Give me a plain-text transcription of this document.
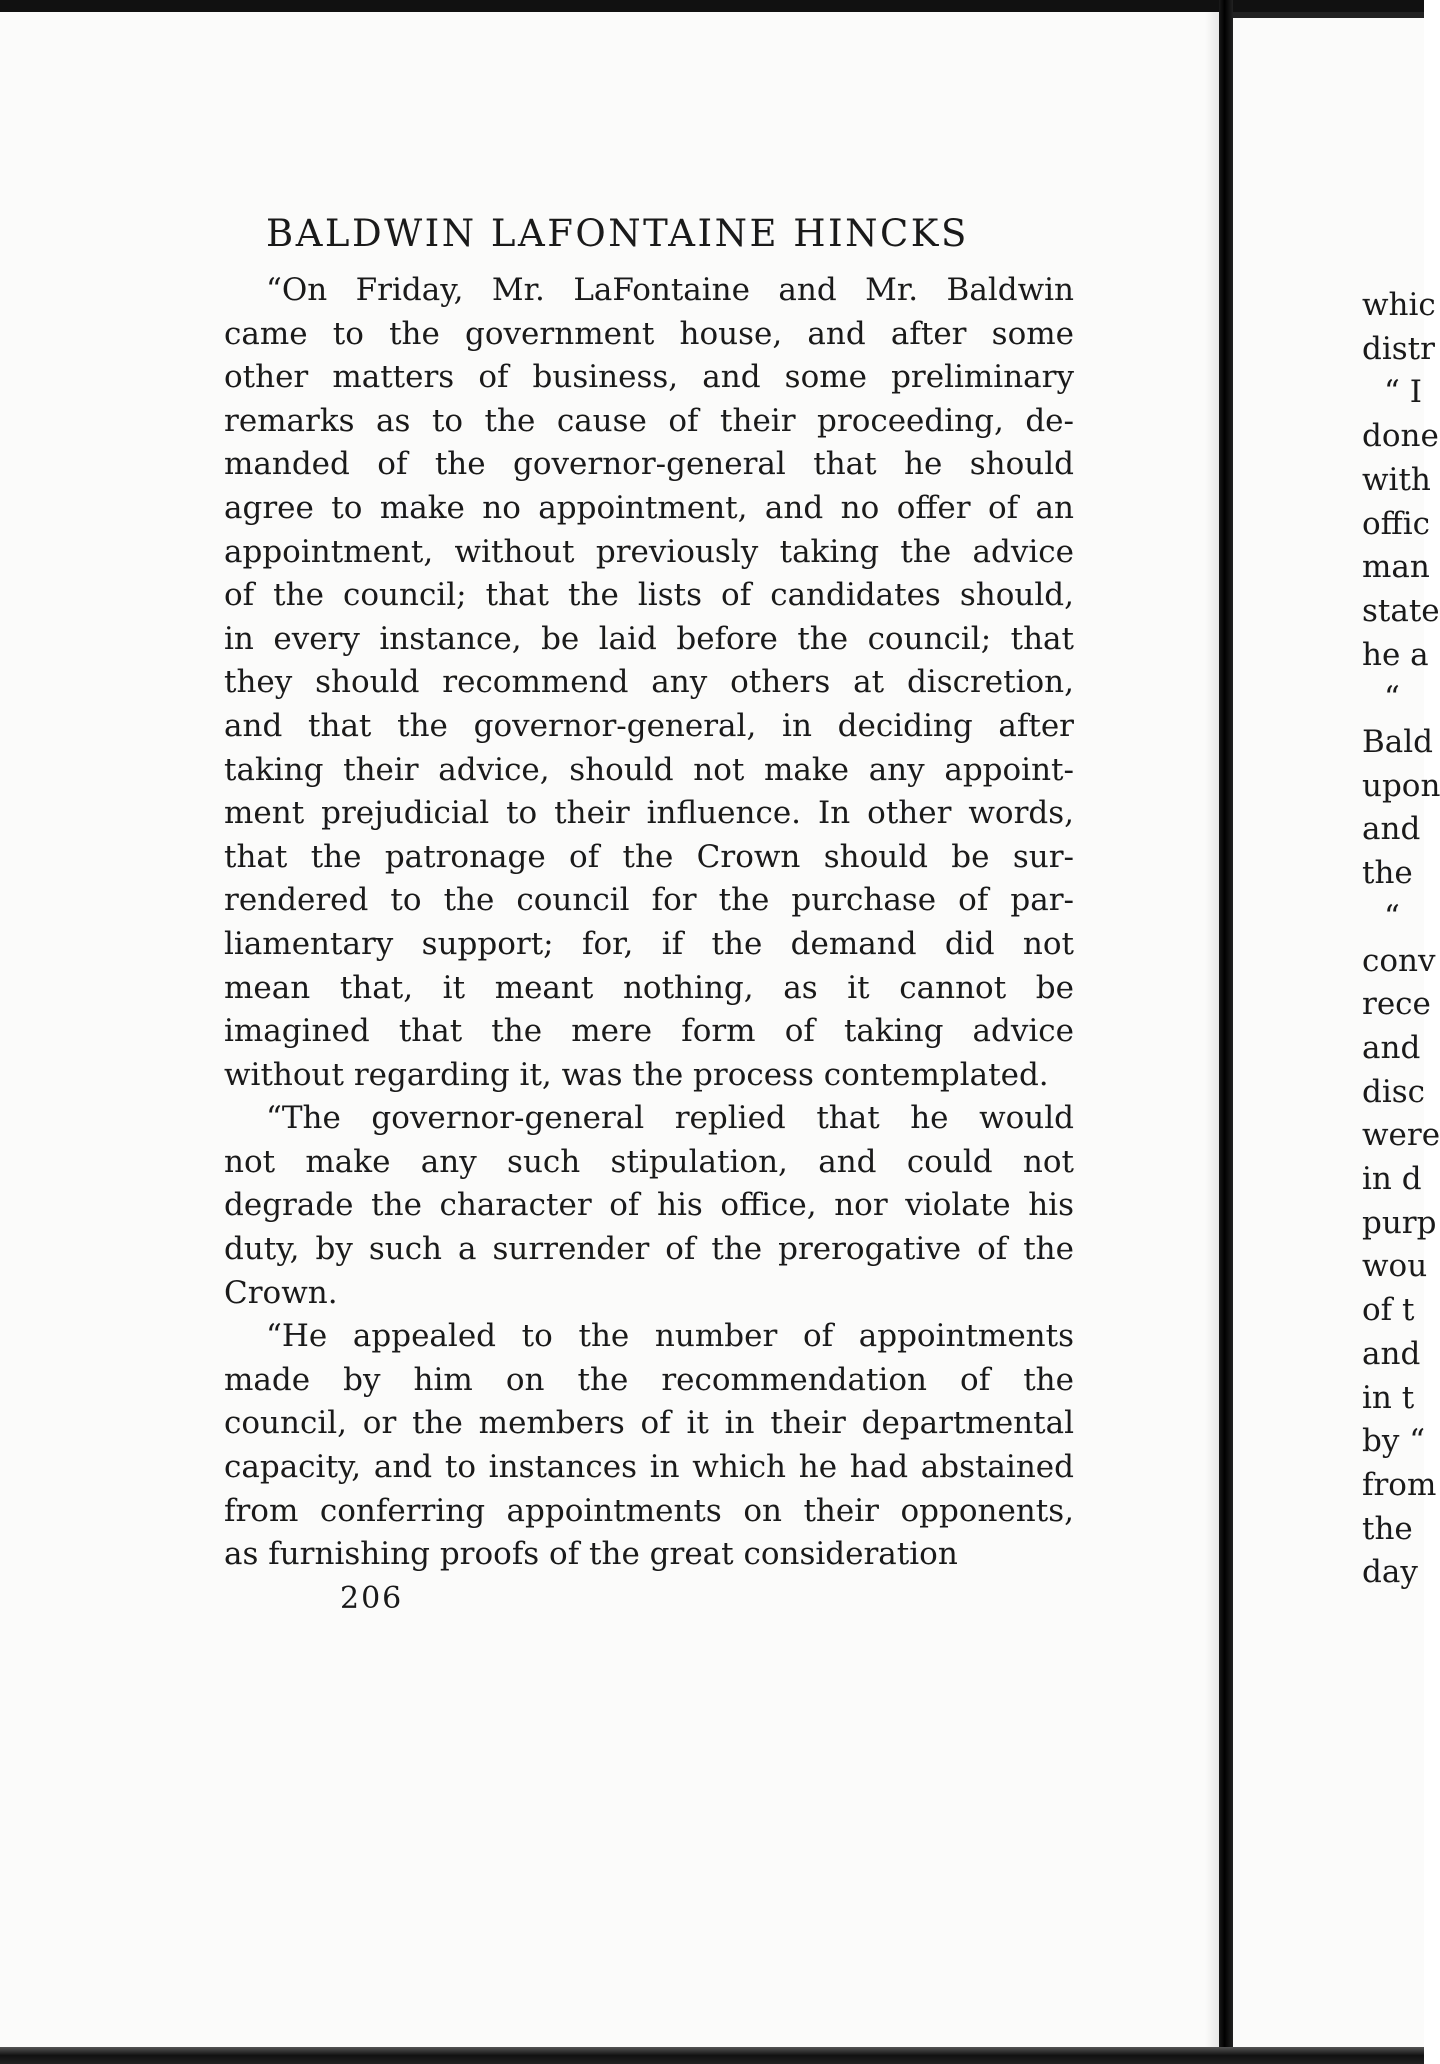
BALDWIN LAFONTAINE HINCKS

“On Friday, Mr. LaFontaine and Mr. Baldwin
came to the government house, and after some
other matters of business, and some preliminary
remarks as to the cause of their proceeding, de-
manded of the governor-general that he should
agree to make no appointment, and no offer of an
appointment, without previously taking the advice
of the council; that the lists of candidates should,
in every instance, be laid before the council; that
they should recommend any others at discretion,
and that the governor-general, in deciding after
taking their advice, should not make any appoint-
ment prejudicial to their influence. In other words,
that the patronage of the Crown should be sur-
rendered to the council for the purchase of par-
liamentary support; for, if the demand did not
mean that, it meant nothing, as it cannot be
imagined that the mere form of taking advice
without regarding it, was the process contemplated.

“The governor-general replied that he would
not make any such stipulation, and could not
degrade the character of his office, nor violate his
duty, by such a surrender of the prerogative of the
Crown.

“He appealed to the number of appointments
made by him on the recommendation of the
council, or the members of it in their departmental
capacity, and to instances in which he had abstained
from conferring appointments on their opponents,
as furnishing proofs of the great consideration

206
whic
distr
“ I
done
with
offic
man
state
he a
“
Bald
upon
and
the
“
conv
rece
and
disc
were
in d
purp
wou
of t
and
in t
by “
from
the
day
